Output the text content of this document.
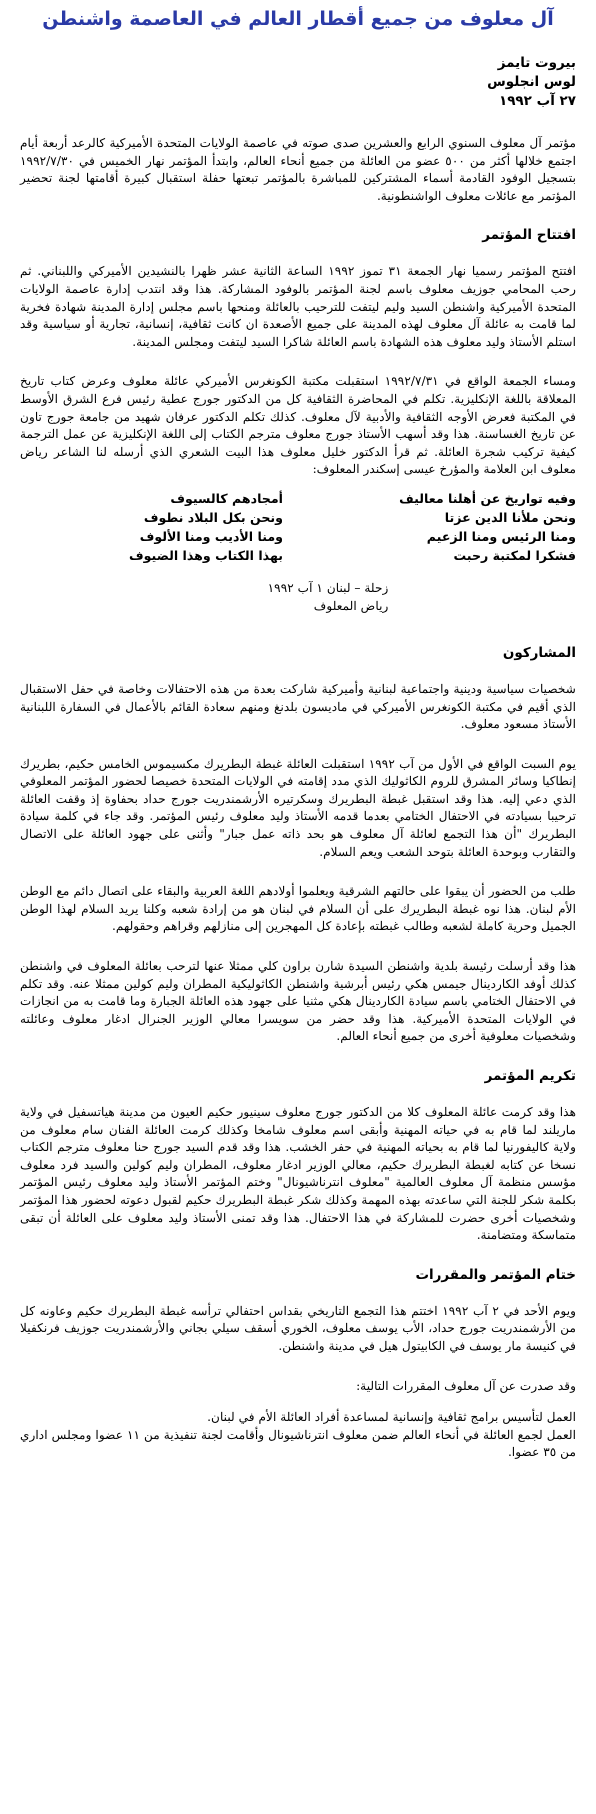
آل معلوف من جميع أقطار العالم في العاصمة واشنطن
بيروت تايمز
لوس انجلوس
٢٧ آب ١٩٩٢

مؤتمر آل معلوف السنوي الرابع والعشرين صدى صوته في عاصمة الولايات المتحدة الأميركية كالرعد أربعة أيام اجتمع خلالها أكثر من ٥٠٠ عضو من العائلة من جميع أنحاء العالم، وابتدأ المؤتمر نهار الخميس في ١٩٩٢/٧/٣٠ بتسجيل الوفود القادمة أسماء المشتركين للمباشرة بالمؤتمر تبعتها حفلة استقبال كبيرة أقامتها لجنة تحضير المؤتمر مع عائلات معلوف الواشنطونية.

افتتاح المؤتمر

افتتح المؤتمر رسميا نهار الجمعة ٣١ تموز ١٩٩٢ الساعة الثانية عشر ظهرا بالنشيدين الأميركي واللبناني. ثم رحب المحامي جوزيف معلوف باسم لجنة المؤتمر بالوفود المشاركة. هذا وقد انتدب إدارة عاصمة الولايات المتحدة الأميركية واشنطن السيد وليم ليتفت للترحيب بالعائلة ومنحها باسم مجلس إدارة المدينة شهادة فخرية لما قامت به عائلة آل معلوف لهذه المدينة على جميع الأصعدة ان كانت ثقافية، إنسانية، تجارية أو سياسية وقد استلم الأستاذ وليد معلوف هذه الشهادة باسم العائلة شاكرا السيد ليتفت ومجلس المدينة.

ومساء الجمعة الواقع في ١٩٩٢/٧/٣١ استقبلت مكتبة الكونغرس الأميركي عائلة معلوف وعرض كتاب تاريخ المعلاقة باللغة الإنكليزية. تكلم في المحاضرة الثقافية كل من الدكتور جورج عطية رئيس فرع الشرق الأوسط في المكتبة فعرض الأوجه الثقافية والأدبية لآل معلوف. كذلك تكلم الدكتور عرفان شهيد من جامعة جورج تاون عن تاريخ الغساسنة. هذا وقد أسهب الأستاذ جورج معلوف مترجم الكتاب إلى اللغة الإنكليزية عن عمل الترجمة كيفية تركيب شجرة العائلة. ثم قرأ الدكتور خليل معلوف هذا البيت الشعري الذي أرسله لنا الشاعر رياض معلوف ابن العلامة والمؤرخ عيسى إسكندر المعلوف:

وفيه تواريخ عن أهلنا معاليف
ونحن ملأنا الدين عزتا
ومنا الرئيس ومنا الزعيم
فشكرا لمكتبة رحبت
أمجادهم كالسيوف
ونحن بكل البلاد نطوف
ومنا الأديب ومنا الألوف
بهذا الكتاب وهذا الضيوف
زحلة – لبنان ١ آب ١٩٩٢
رياض المعلوف
المشاركون

شخصيات سياسية ودينية واجتماعية لبنانية وأميركية شاركت بعدة من هذه الاحتفالات وخاصة في حفل الاستقبال الذي أقيم في مكتبة الكونغرس الأميركي في ماديسون بلدنغ ومنهم سعادة القائم بالأعمال في السفارة اللبنانية الأستاذ مسعود معلوف.

يوم السبت الواقع في الأول من آب ١٩٩٢ استقبلت العائلة غبطة البطريرك مكسيموس الخامس حكيم، بطريرك إنطاكيا وسائر المشرق للروم الكاثوليك الذي مدد إقامته في الولايات المتحدة خصيصا لحضور المؤتمر المعلوفي الذي دعي إليه. هذا وقد استقبل غبطة البطريرك وسكرتيره الأرشمندريت جورج حداد بحفاوة إذ وقفت العائلة ترحيبا بسيادته في الاحتفال الختامي بعدما قدمه الأستاذ وليد معلوف رئيس المؤتمر. وقد جاء في كلمة سيادة البطريرك "أن هذا التجمع لعائلة آل معلوف هو بحد ذاته عمل جبار" وأثنى على جهود العائلة على الاتصال والتقارب وبوحدة العائلة بتوحد الشعب ويعم السلام.

طلب من الحضور أن يبقوا على حالتهم الشرقية ويعلموا أولادهم اللغة العربية والبقاء على اتصال دائم مع الوطن الأم لبنان. هذا نوه غبطة البطريرك على أن السلام في لبنان هو من إرادة شعبه وكلنا يريد السلام لهذا الوطن الجميل وحرية كاملة لشعبه وطالب غبطته بإعادة كل المهجرين إلى منازلهم وقراهم وحقولهم.

هذا وقد أرسلت رئيسة بلدية واشنطن السيدة شارن براون كلي ممثلا عنها لترحب بعائلة المعلوف في واشنطن كذلك أوفد الكاردينال جيمس هكي رئيس أبرشية واشنطن الكاثوليكية المطران وليم كولين ممثلا عنه. وقد تكلم في الاحتفال الختامي باسم سيادة الكاردينال هكي مثنيا على جهود هذه العائلة الجبارة وما قامت به من انجازات في الولايات المتحدة الأميركية. هذا وقد حضر من سويسرا معالي الوزير الجنرال ادغار معلوف وعائلته وشخصيات معلوفية أخرى من جميع أنحاء العالم.

تكريم المؤتمر

هذا وقد كرمت عائلة المعلوف كلا من الدكتور جورج معلوف سينيور حكيم العيون من مدينة هياتسفيل في ولاية ماريلند لما قام به في حياته المهنية وأبقى اسم معلوف شامخا وكذلك كرمت العائلة الفنان سام معلوف من ولاية كاليفورنيا لما قام به بحياته المهنية في حفر الخشب. هذا وقد قدم السيد جورج حنا معلوف مترجم الكتاب نسخا عن كتابه لغبطة البطريرك حكيم، معالي الوزير ادغار معلوف، المطران وليم كولين والسيد فرد معلوف مؤسس منظمة آل معلوف العالمية "معلوف انترناشيونال" وختم المؤتمر الأستاذ وليد معلوف رئيس المؤتمر بكلمة شكر للجنة التي ساعدته بهذه المهمة وكذلك شكر غبطة البطريرك حكيم لقبول دعوته لحضور هذا المؤتمر وشخصيات أخرى حضرت للمشاركة في هذا الاحتفال. هذا وقد تمنى الأستاذ وليد معلوف على العائلة أن تبقى متماسكة ومتضامنة.

ختام المؤتمر والمقررات

ويوم الأحد في ٢ آب ١٩٩٢ اختتم هذا التجمع التاريخي بقداس احتفالي ترأسه غبطة البطريرك حكيم وعاونه كل من الأرشمندريت جورج حداد، الأب يوسف معلوف، الخوري أسقف سيلي بجاني والأرشمندريت جوزيف فرنكفيلا في كنيسة مار يوسف في الكابيتول هيل في مدينة واشنطن.

وقد صدرت عن آل معلوف المقررات التالية:

العمل لتأسيس برامج ثقافية وإنسانية لمساعدة أفراد العائلة الأم في لبنان.
العمل لجمع العائلة في أنحاء العالم ضمن معلوف انترناشيونال وأقامت لجنة تنفيذية من ١١ عضوا ومجلس اداري من ٣٥ عضوا.
